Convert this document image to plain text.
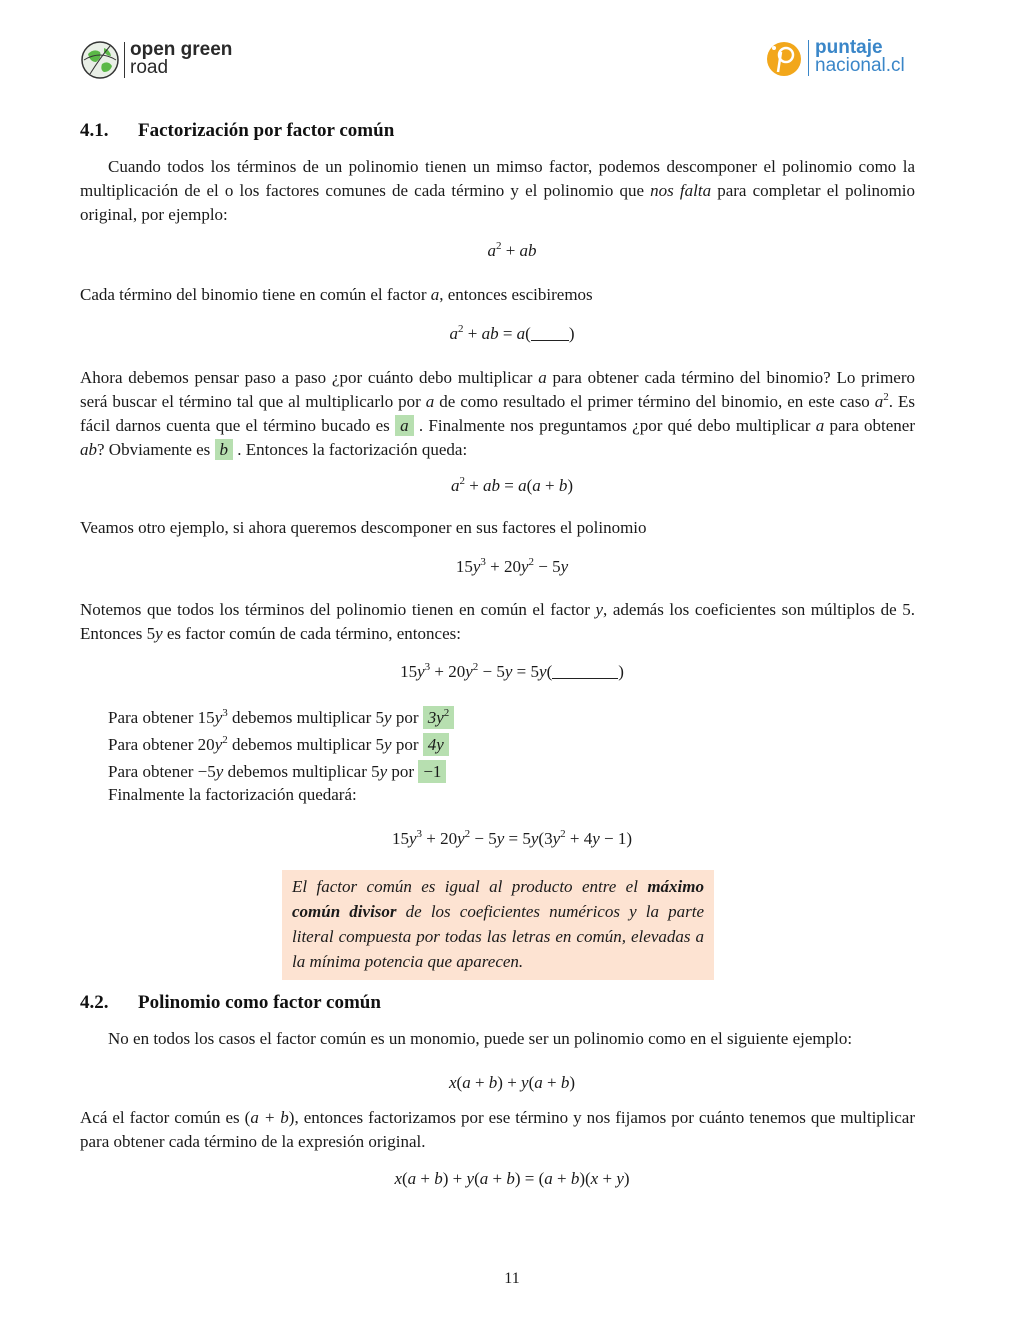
open green
road
puntaje
nacional.cl
4.1. Factorización por factor común
Cuando todos los términos de un polinomio tienen un mimso factor, podemos descomponer el polinomio como la multiplicación de el o los factores comunes de cada término y el polinomio que nos falta para completar el polinomio original, por ejemplo:
$a^2$ + ab
Cada término del binomio tiene en común el factor a, entonces escibiremos
$a^2$ + ab = a( )
Ahora debemos pensar paso a paso ¿por cuánto debo multiplicar a para obtener cada término del binomio? Lo primero será buscar el término tal que al multiplicarlo por a de como resultado el primer término del binomio, en este caso $a^2$. Es fácil darnos cuenta que el término bucado es a . Finalmente nos preguntamos ¿por qué debo multiplicar a para obtener ab? Obviamente es b . Entonces la factorización queda:
$a^2$ + ab = a(a + b)
Veamos otro ejemplo, si ahora queremos descomponer en sus factores el polinomio
$15y^3 + 20y^2 - 5y$
Notemos que todos los términos del polinomio tienen en común el factor y, además los coeficientes son múltiplos de 5. Entonces 5y es factor común de cada término, entonces:
$15y^3 + 20y^2 - 5y = 5y$(	)
Para obtener $15y^3$ debemos multiplicar 5y por $3y^2$
Para obtener $20y^2$ debemos multiplicar 5y por 4y
Para obtener −5y debemos multiplicar 5y por −1
Finalmente la factorización quedará:
$15y^3 + 20y^2 - 5y = 5y(3y^2 + 4y - 1)$
El factor común es igual al producto entre el máximo común divisor de los coeficientes numéricos y la parte literal compuesta por todas las letras en común, elevadas a la mínima potencia que aparecen.
4.2. Polinomio como factor común
No en todos los casos el factor común es un monomio, puede ser un polinomio como en el siguiente ejemplo:
x(a + b) + y(a + b)
Acá el factor común es (a + b), entonces factorizamos por ese término y nos fijamos por cuánto tenemos que multiplicar para obtener cada término de la expresión original.
x(a + b) + y(a + b) = (a + b)(x + y)
11
